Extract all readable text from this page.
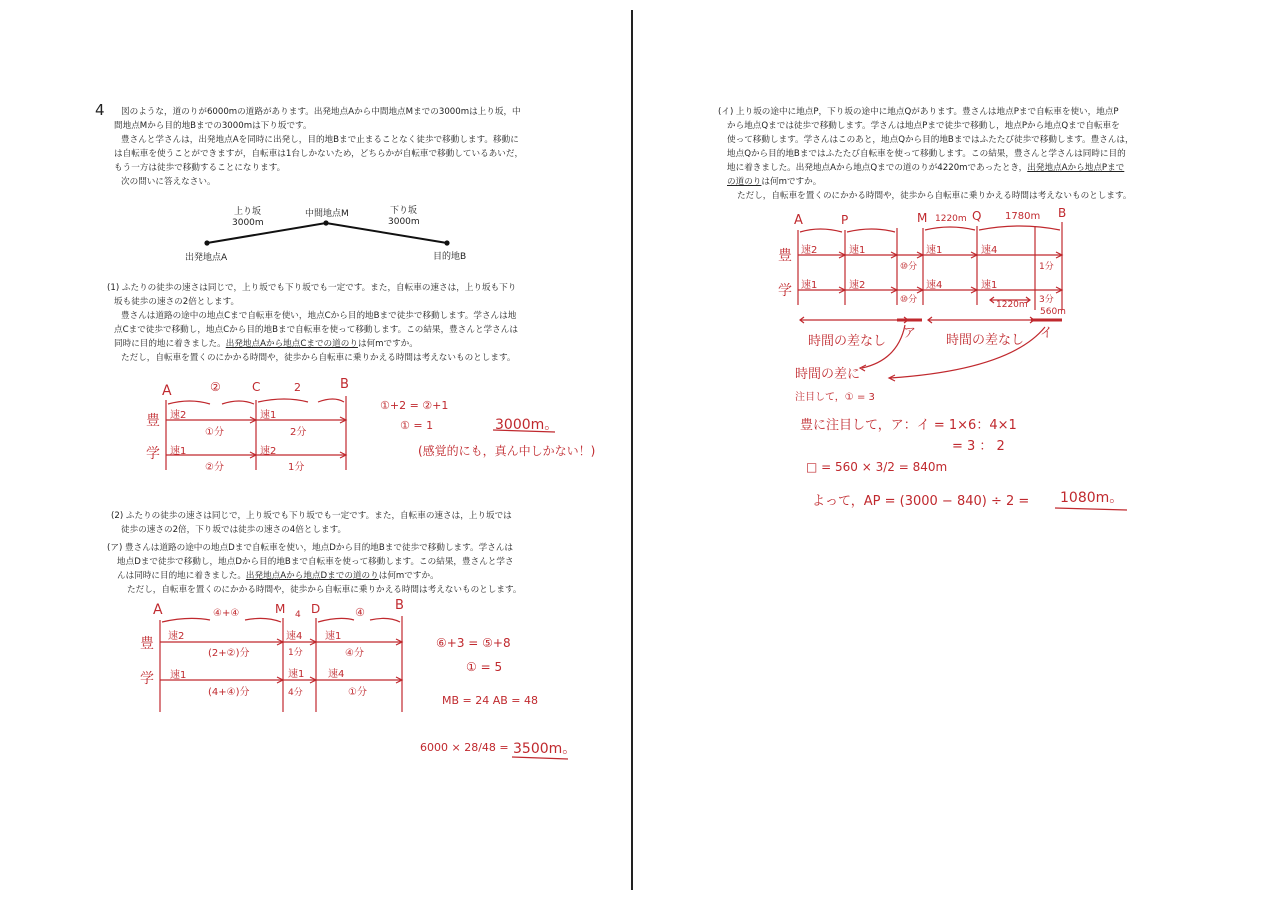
4 図のような，道のりが6000mの道路があります。出発地点Aから中間地点Mまでの3000mは上り坂，中
間地点Mから目的地Bまでの3000mは下り坂です。
豊さんと学さんは，出発地点Aを同時に出発し，目的地Bまで止まることなく徒歩で移動します。移動に
は自転車を使うことができますが，自転車は1台しかないため，どちらかが自転車で移動しているあいだ，
もう一方は徒歩で移動することになります。
次の問いに答えなさい。
上り坂
3000m
中間地点M	下り坂
3000m
出発地点A	目的地B
(1) ふたりの徒歩の速さは同じで，上り坂でも下り坂でも一定です。また，自転車の速さは，上り坂も下り
坂も徒歩の速さの2倍とします。
豊さんは道路の途中の地点Cまで自転車を使い，地点Cから目的地Bまで徒歩で移動します。学さんは地
点Cまで徒歩で移動し，地点Cから目的地Bまで自転車を使って移動します。この結果，豊さんと学さんは
同時に目的地に着きました。出発地点Aから地点Cまでの道のりは何mですか。
ただし，自転車を置くのにかかる時間や，徒歩から自転車に乗りかえる時間は考えないものとします。
A	②	C	2	B
豊
学
速2	速1
①分	2分
速1	速2
②分	1分
①+2 = ②+1
① = 1	3000m。
(感覚的にも，真ん中しかない！)
(2) ふたりの徒歩の速さは同じで，上り坂でも下り坂でも一定です。また，自転車の速さは，上り坂では
徒歩の速さの2倍，下り坂では徒歩の速さの4倍とします。
(ア) 豊さんは道路の途中の地点Dまで自転車を使い，地点Dから目的地Bまで徒歩で移動します。学さんは
地点Dまで徒歩で移動し，地点Dから目的地Bまで自転車を使って移動します。この結果，豊さんと学さ
んは同時に目的地に着きました。出発地点Aから地点Dまでの道のりは何mですか。
ただし，自転車を置くのにかかる時間や，徒歩から自転車に乗りかえる時間は考えないものとします。
A	④+④	M 4 D	④ B
豊
学
速2
(2+②)分
速4
1分
速1
④分
速1
(4+④)分
速1
4分
速4
①分
⑥+3 = ⑤+8
① = 5
MB = 24 AB = 48
6000 × 28/48 = 3500m。
(イ) 上り坂の途中に地点P，下り坂の途中に地点Qがあります。豊さんは地点Pまで自転車を使い，地点P
から地点Qまでは徒歩で移動します。学さんは地点Pまで徒歩で移動し，地点Pから地点Qまで自転車を
使って移動します。学さんはこのあと，地点Qから目的地Bまではふたたび徒歩で移動します。豊さんは，
地点Qから目的地Bまではふたたび自転車を使って移動します。この結果，豊さんと学さんは同時に目的
地に着きました。出発地点Aから地点Qまでの道のりが4220mであったとき，出発地点Aから地点Pまで
の道のりは何mですか。
ただし，自転車を置くのにかかる時間や，徒歩から自転車に乗りかえる時間は考えないものとします。
A	P	M 1220m Q 1780m B
豊
学
速2	速1
⑩分
速1	速4
1分
速1	速2
⑩分
速4	速1
3分
1220m
560m
時間の差なし	時間の差なし
ア	イ
時間の差に
注目して，① = 3
豊に注目して，ア：イ = 1×6：4×1
= 3 ： 2
□ = 560 × 3/2 = 840m
よって，AP = (3000 − 840) ÷ 2 = 1080m。
